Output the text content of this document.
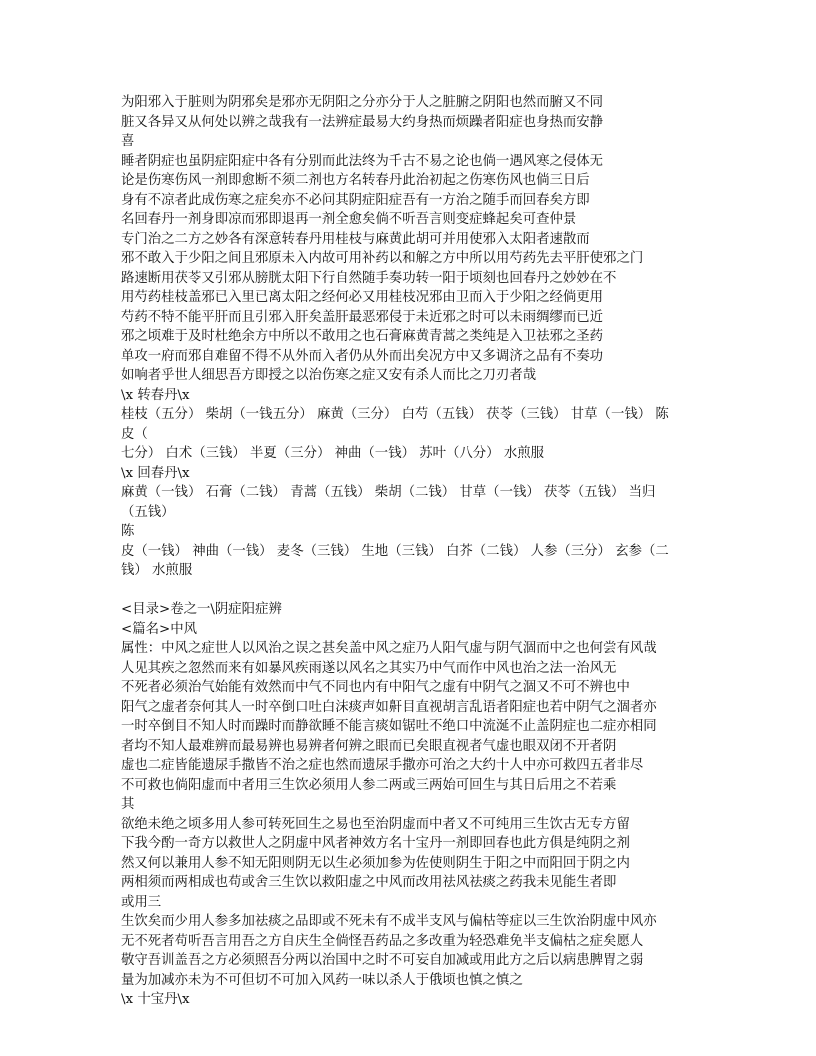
为阳邪入于脏则为阴邪矣是邪亦无阴阳之分亦分于人之脏腑之阴阳也然而腑又不同
脏又各异又从何处以辨之哉我有一法辨症最易大约身热而烦躁者阳症也身热而安静
喜
睡者阴症也虽阴症阳症中各有分别而此法终为千古不易之论也倘一遇风寒之侵体无
论是伤寒伤风一剂即愈断不须二剂也方名转春丹此治初起之伤寒伤风也倘三日后
身有不凉者此成伤寒之症矣亦不必问其阴症阳症吾有一方治之随手而回春矣方即
名回春丹一剂身即凉而邪即退再一剂全愈矣倘不听吾言则变症蜂起矣可查仲景
专门治之二方之妙各有深意转春丹用桂枝与麻黄此胡可并用使邪入太阳者速散而
邪不敢入于少阳之间且邪原未入内故可用补药以和解之方中所以用芍药先去平肝使邪之门
路速断用茯苓又引邪从膀胱太阳下行自然随手奏功转一阳于顷刻也回春丹之妙妙在不
用芍药桂枝盖邪已入里已离太阳之经何必又用桂枝况邪由卫而入于少阳之经倘更用
芍药不特不能平肝而且引邪入肝矣盖肝最恶邪侵于未近邪之时可以未雨绸缪而已近
邪之顷难于及时杜绝余方中所以不敢用之也石膏麻黄青蒿之类纯是入卫祛邪之圣药
单攻一府而邪自难留不得不从外而入者仍从外而出矣况方中又多调济之品有不奏功
如响者乎世人细思吾方即授之以治伤寒之症又安有杀人而比之刀刃者哉
\x 转春丹\x
桂枝（五分） 柴胡（一钱五分） 麻黄（三分） 白芍（五钱） 茯苓（三钱） 甘草（一钱） 陈
皮（
七分） 白术（三钱） 半夏（三分） 神曲（一钱） 苏叶（八分） 水煎服
\x 回春丹\x
麻黄（一钱） 石膏（二钱） 青蒿（五钱） 柴胡（二钱） 甘草（一钱） 茯苓（五钱） 当归
（五钱）
陈
皮（一钱） 神曲（一钱） 麦冬（三钱） 生地（三钱） 白芥（二钱） 人参（三分） 玄参（二
钱） 水煎服
<目录>卷之一\阴症阳症辨
<篇名>中风
属性：中风之症世人以风治之误之甚矣盖中风之症乃人阳气虚与阴气涸而中之也何尝有风哉
人见其疾之忽然而来有如暴风疾雨遂以风名之其实乃中气而作中风也治之法一治风无
不死者必须治气始能有效然而中气不同也内有中阳气之虚有中阴气之涸又不可不辨也中
阳气之虚者奈何其人一时卒倒口吐白沫痰声如鼾目直视胡言乱语者阳症也若中阴气之涸者亦
一时卒倒目不知人时而躁时而静欲睡不能言痰如锯吐不绝口中流涎不止盖阴症也二症亦相同
者均不知人最难辨而最易辨也易辨者何辨之眼而已矣眼直视者气虚也眼双闭不开者阴
虚也二症皆能遗尿手撒皆不治之症也然而遗尿手撒亦可治之大约十人中亦可救四五者非尽
不可救也倘阳虚而中者用三生饮必须用人参二两或三两始可回生与其日后用之不若乘
其
欲绝未绝之顷多用人参可转死回生之易也至治阴虚而中者又不可纯用三生饮古无专方留
下我今酌一奇方以救世人之阴虚中风者神效方名十宝丹一剂即回春也此方俱是纯阴之剂
然又何以兼用人参不知无阳则阴无以生必须加参为佐使则阴生于阳之中而阳回于阴之内
两相须而两相成也苟或舍三生饮以救阳虚之中风而改用祛风祛痰之药我未见能生者即
或用三
生饮矣而少用人参多加祛痰之品即或不死未有不成半支风与偏枯等症以三生饮治阴虚中风亦
无不死者苟听吾言用吾之方自庆生全倘怪吾药品之多改重为轻恐难免半支偏枯之症矣愿人
敬守吾训盖吾之方必须照吾分两以治国中之时不可妄自加减或用此方之后以病患脾胃之弱
量为加减亦未为不可但切不可加入风药一味以杀人于俄顷也慎之慎之
\x 十宝丹\x
